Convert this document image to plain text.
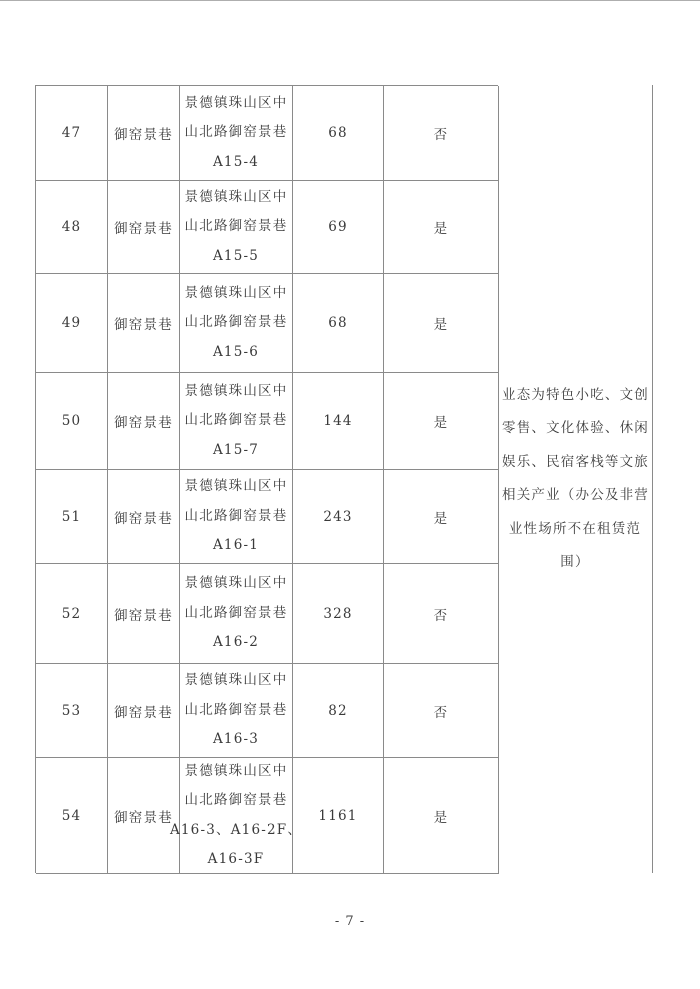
47	御窑景巷
景德镇珠山区中
山北路御窑景巷
A15-4
68	否
48	御窑景巷
景德镇珠山区中
山北路御窑景巷
A15-5
69	是
49	御窑景巷
景德镇珠山区中
山北路御窑景巷
A15-6
68	是
50	御窑景巷
景德镇珠山区中
山北路御窑景巷
A15-7
144	是
51	御窑景巷
景德镇珠山区中
山北路御窑景巷
A16-1
243	是
52	御窑景巷
景德镇珠山区中
山北路御窑景巷
A16-2
328	否
53	御窑景巷
景德镇珠山区中
山北路御窑景巷
A16-3
82	否
54	御窑景巷
景德镇珠山区中
山北路御窑景巷
A16-3、A16-2F、
A16-3F
1161	是
业态为特色小吃、文创
零售、文化体验、休闲
娱乐、民宿客栈等文旅
相关产业（办公及非营
业性场所不在租赁范
围）
- 7 -
